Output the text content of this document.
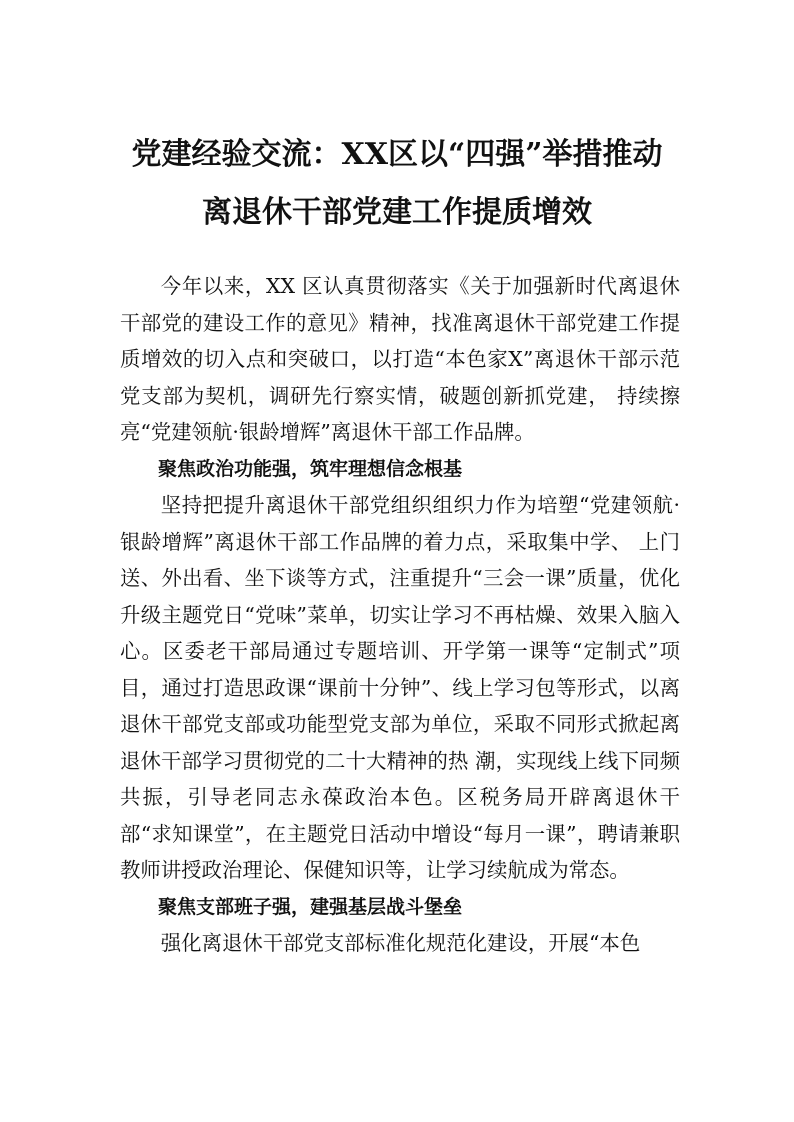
党建经验交流：XX区以“四强”举措推动
离退休干部党建工作提质增效

今年以来，XX 区认真贯彻落实《关于加强新时代离退休干部党的建设工作的意见》精神，找准离退休干部党建工作提质增效的切入点和突破口，以打造“本色家X”离退休干部示范党支部为契机，调研先行察实情，破题创新抓党建， 持续擦亮“党建领航·银龄增辉”离退休干部工作品牌。

聚焦政治功能强，筑牢理想信念根基

坚持把提升离退休干部党组织组织力作为培塑“党建领航·银龄增辉”离退休干部工作品牌的着力点，采取集中学、 上门送、外出看、坐下谈等方式，注重提升“三会一课”质量，优化升级主题党日“党味”菜单，切实让学习不再枯燥、效果入脑入心。区委老干部局通过专题培训、开学第一课等“定制式”项目，通过打造思政课“课前十分钟”、线上学习包等形式，以离退休干部党支部或功能型党支部为单位，采取不同形式掀起离退休干部学习贯彻党的二十大精神的热 潮，实现线上线下同频共振，引导老同志永葆政治本色。区税务局开辟离退休干部“求知课堂”，在主题党日活动中增设“每月一课”，聘请兼职教师讲授政治理论、保健知识等，让学习续航成为常态。

聚焦支部班子强，建强基层战斗堡垒

强化离退休干部党支部标准化规范化建设，开展“本色
